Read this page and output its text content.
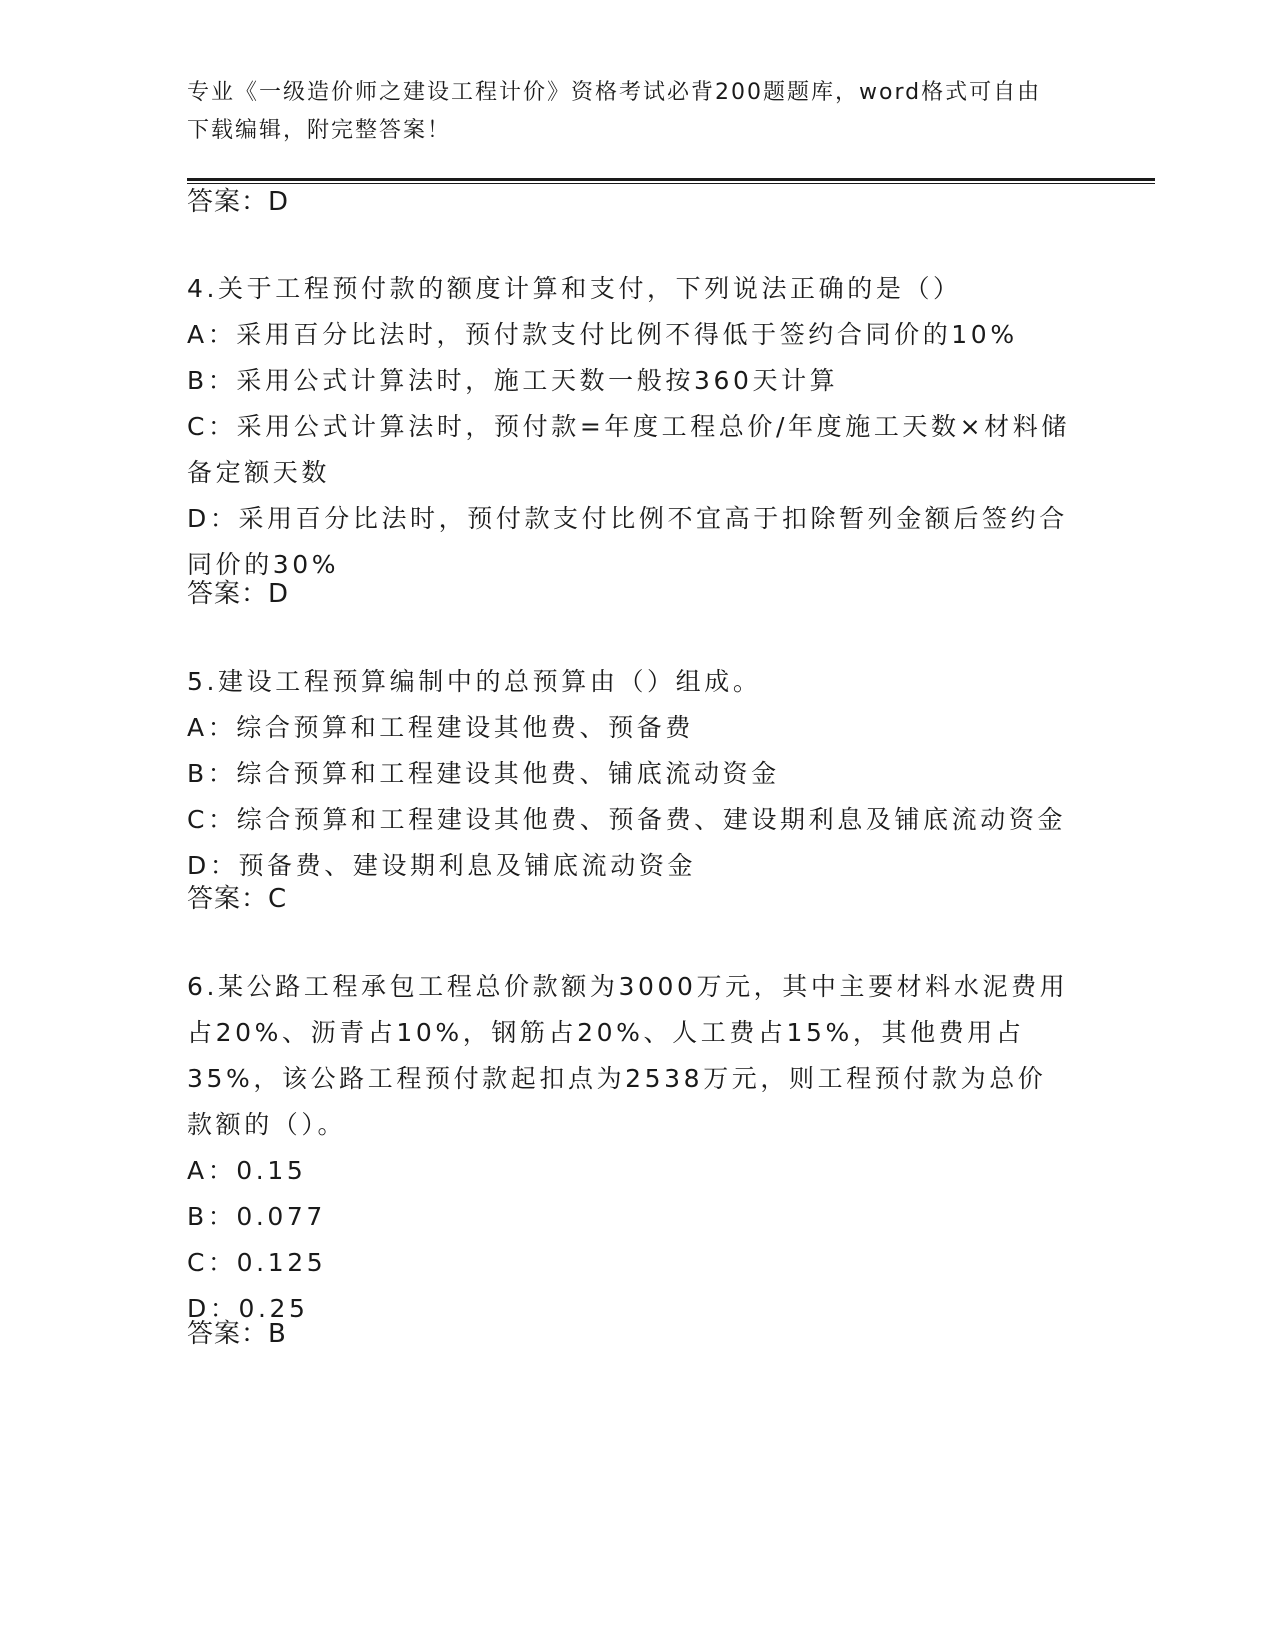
专业《一级造价师之建设工程计价》资格考试必背200题题库，word格式可自由
下载编辑，附完整答案！
答案：D

4.关于工程预付款的额度计算和支付，下列说法正确的是（）

A：采用百分比法时，预付款支付比例不得低于签约合同价的10%

B：采用公式计算法时，施工天数一般按360天计算

C：采用公式计算法时，预付款=年度工程总价/年度施工天数×材料储备定额天数

D：采用百分比法时，预付款支付比例不宜高于扣除暂列金额后签约合同价的30%

答案：D

5.建设工程预算编制中的总预算由（）组成。

A：综合预算和工程建设其他费、预备费

B：综合预算和工程建设其他费、铺底流动资金

C：综合预算和工程建设其他费、预备费、建设期利息及铺底流动资金

D：预备费、建设期利息及铺底流动资金

答案：C

6.某公路工程承包工程总价款额为3000万元，其中主要材料水泥费用占20%、沥青占10%，钢筋占20%、人工费占15%，其他费用占35%，该公路工程预付款起扣点为2538万元，则工程预付款为总价款额的（）。

A：0.15

B：0.077

C：0.125

D：0.25

答案：B
